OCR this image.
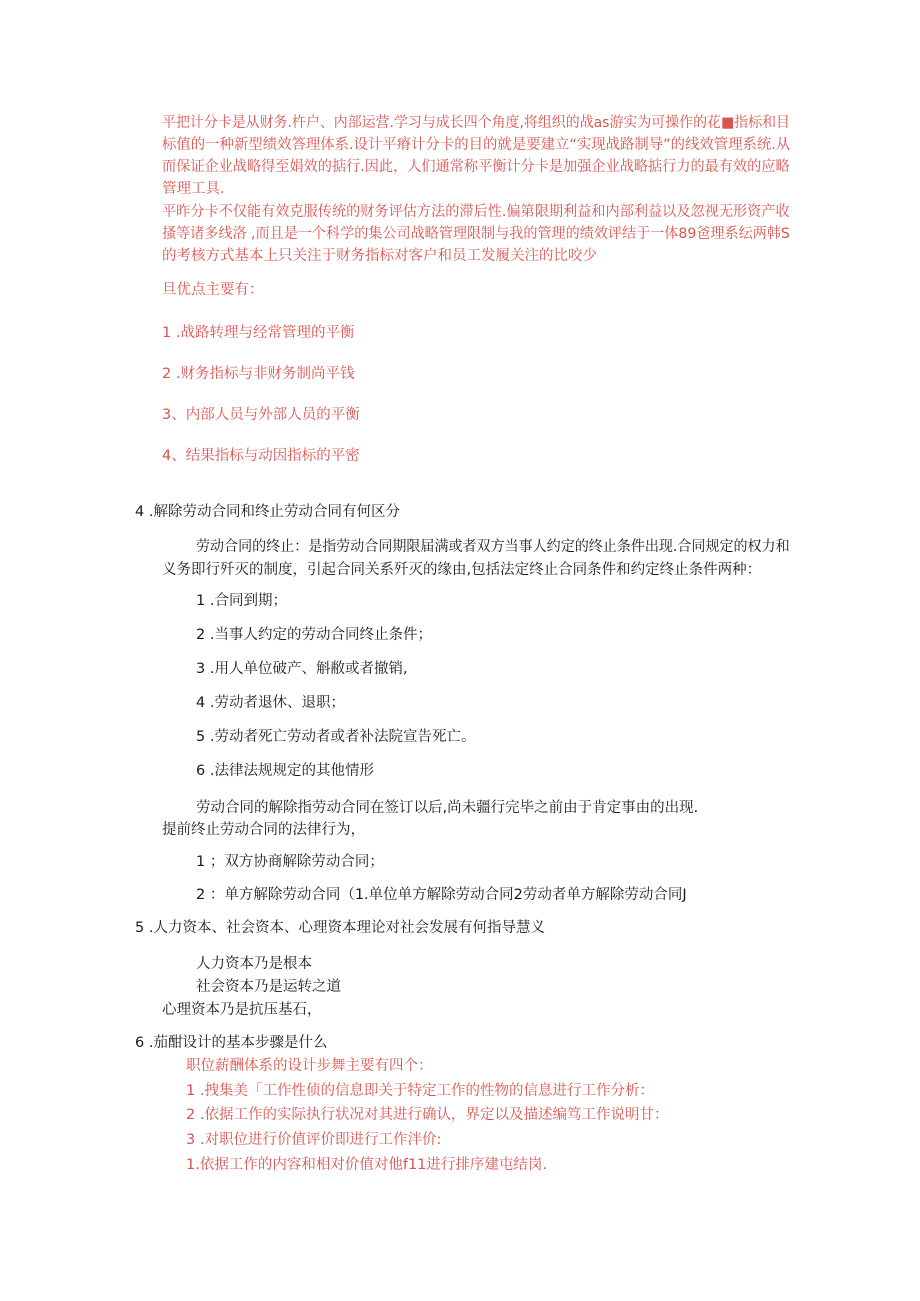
平把计分卡是从财务.杵户、内部运营.学习与成长四个角度,将组织的战as游实为可操作的花■指标和目
标值的一种新型绩效答理体系.设计平瘠计分卡的目的就是要建立“实现战路制导”的线效管理系统.从
而保证企业战略得至娟效的掂行.因此，人们通常称平衡计分卡是加强企业战略掂行力的最有效的应略
管理工具.
平昨分卡不仅能有效克服传统的财务评估方法的滞后性.偏第限期利益和内部利益以及忽视无形资产收
搔等诸多线洛 ,而且是一个科学的集公司战略管理限制与我的管理的绩效评结于一体89爸理系纭两韩S
的考核方式基本上只关注于财务指标对客户和员工发履关注的比咬少
旦优点主要有：
1 .战路转理与经常管理的平衡
2 .财务指标与非财务制尚平钱
3、内部人员与外部人员的平衡
4、结果指标与动因指标的平密
4 .解除劳动合同和终止劳动合同有何区分
劳动合同的终止：是指劳动合同期限届满或者双方当事人约定的终止条件出现.合同规定的权力和
义务即行歼灭的制度，引起合同关系歼灭的缘由,包括法定终止合同条件和约定终止条件两种：
1 .合同到期；
2 .当事人约定的劳动合同终止条件；
3 .用人单位破产、斛敝或者撤销,
4 .劳动者退休、退职；
5 .劳动者死亡劳动者或者补法院宣告死亡。
6 .法律法规规定的其他情形
劳动合同的解除指劳动合同在签订以后,尚未疆行完毕之前由于肯定事由的出现.
提前终止劳动合同的法律行为，
1 ；双方协商解除劳动合同；
2 ：单方解除劳动合同（1.单位单方解除劳动合同2劳动者单方解除劳动合同J
5 .人力资本、社会资本、心理资本理论对社会发展有何指导慧义
人力资本乃是根本
社会资本乃是运转之道
心理资本乃是抗压基石，
6 .茄酣设计的基本步骤是什么
职位薪酬体系的设计步舞主要有四个：
1 .拽集美「工作性侦的信息即关于特定工作的性物的信息进行工作分析：
2 .依据工作的实际执行状况对其进行确认，界定以及描述编笃工作说明甘：
3 .对职位进行价值评价即进行工作泮价:
1.依据工作的内容和相对价值对他f11进行排序建屯结岗.
